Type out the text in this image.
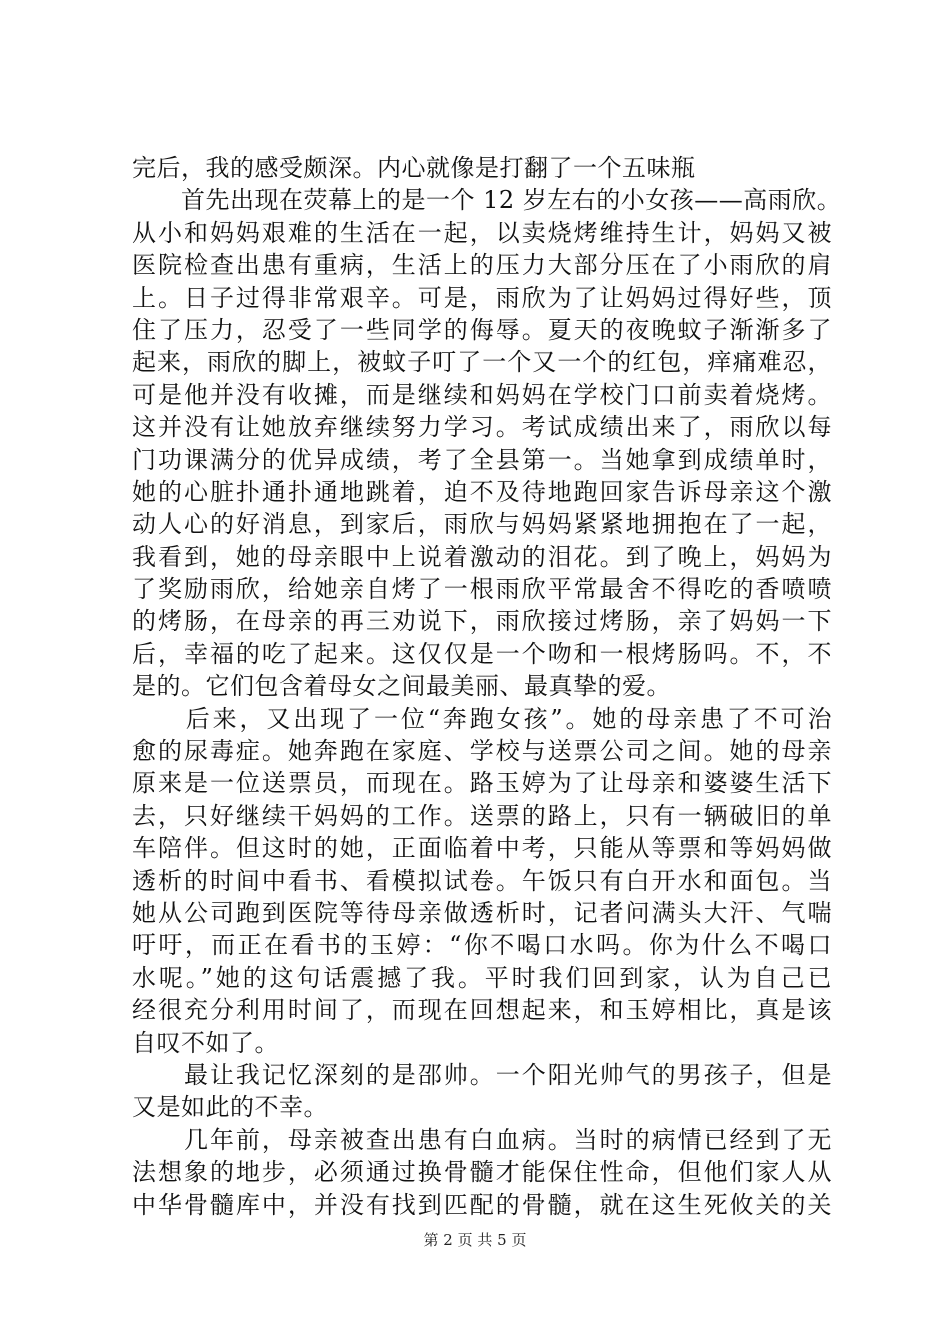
完后，我的感受颇深。内心就像是打翻了一个五味瓶
　　首先出现在荧幕上的是一个 12 岁左右的小女孩——高雨欣。
从小和妈妈艰难的生活在一起，以卖烧烤维持生计，妈妈又被
医院检查出患有重病，生活上的压力大部分压在了小雨欣的肩
上。日子过得非常艰辛。可是，雨欣为了让妈妈过得好些，顶
住了压力，忍受了一些同学的侮辱。夏天的夜晚蚊子渐渐多了
起来，雨欣的脚上，被蚊子叮了一个又一个的红包，痒痛难忍，
可是他并没有收摊，而是继续和妈妈在学校门口前卖着烧烤。
这并没有让她放弃继续努力学习。考试成绩出来了，雨欣以每
门功课满分的优异成绩，考了全县第一。当她拿到成绩单时，
她的心脏扑通扑通地跳着，迫不及待地跑回家告诉母亲这个激
动人心的好消息，到家后，雨欣与妈妈紧紧地拥抱在了一起，
我看到，她的母亲眼中上说着激动的泪花。到了晚上，妈妈为
了奖励雨欣，给她亲自烤了一根雨欣平常最舍不得吃的香喷喷
的烤肠，在母亲的再三劝说下，雨欣接过烤肠，亲了妈妈一下
后，幸福的吃了起来。这仅仅是一个吻和一根烤肠吗。不，不
是的。它们包含着母女之间最美丽、最真挚的爱。
　　后来，又出现了一位“奔跑女孩”。她的母亲患了不可治
愈的尿毒症。她奔跑在家庭、学校与送票公司之间。她的母亲
原来是一位送票员，而现在。路玉婷为了让母亲和婆婆生活下
去，只好继续干妈妈的工作。送票的路上，只有一辆破旧的单
车陪伴。但这时的她，正面临着中考，只能从等票和等妈妈做
透析的时间中看书、看模拟试卷。午饭只有白开水和面包。当
她从公司跑到医院等待母亲做透析时，记者问满头大汗、气喘
吁吁，而正在看书的玉婷：“你不喝口水吗。你为什么不喝口
水呢。”她的这句话震撼了我。平时我们回到家，认为自己已
经很充分利用时间了，而现在回想起来，和玉婷相比，真是该
自叹不如了。
　　最让我记忆深刻的是邵帅。一个阳光帅气的男孩子，但是
又是如此的不幸。
　　几年前，母亲被查出患有白血病。当时的病情已经到了无
法想象的地步，必须通过换骨髓才能保住性命，但他们家人从
中华骨髓库中，并没有找到匹配的骨髓，就在这生死攸关的关
第 2 页 共 5 页
